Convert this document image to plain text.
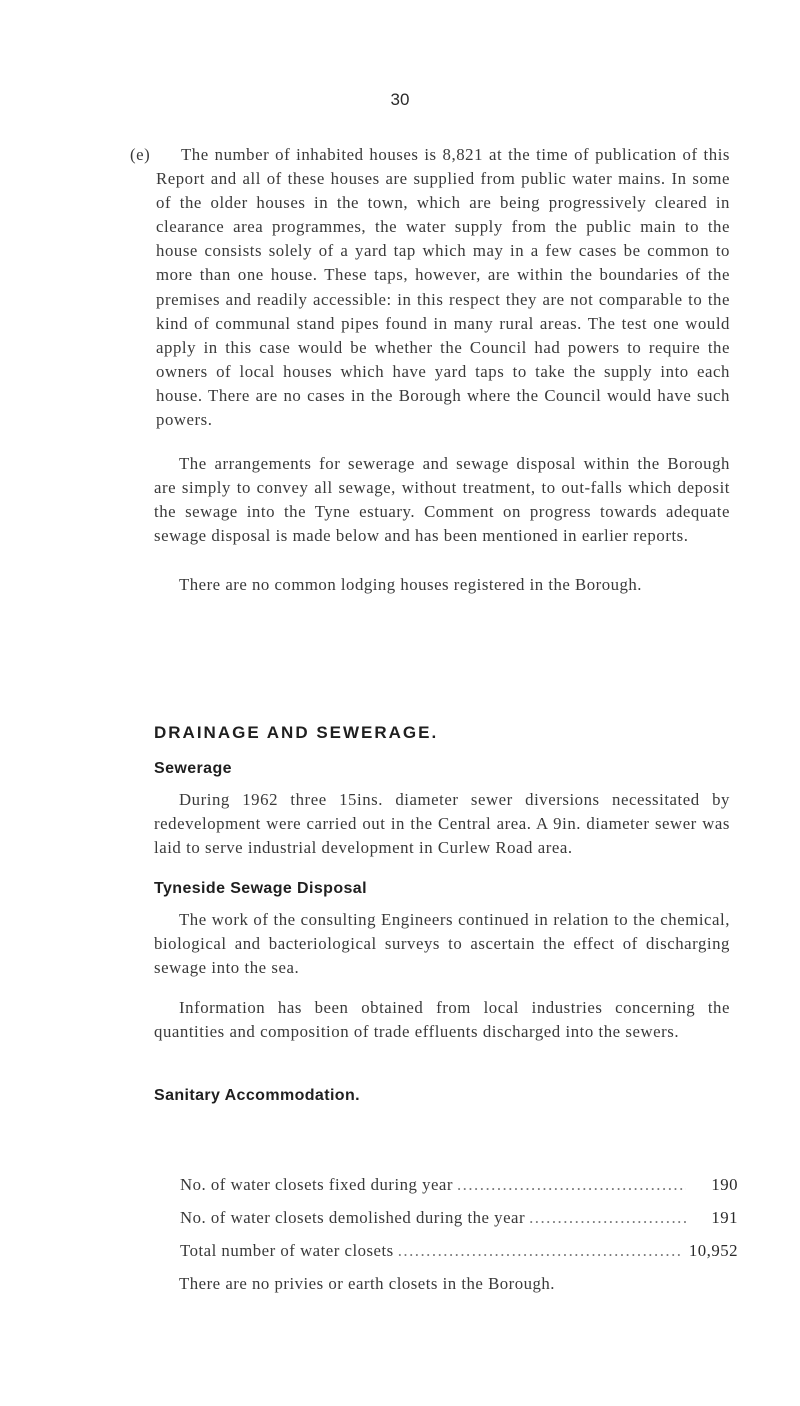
30

(e) The number of inhabited houses is 8,821 at the time of publication of this Report and all of these houses are supplied from public water mains. In some of the older houses in the town, which are being progressively cleared in clearance area programmes, the water supply from the public main to the house consists solely of a yard tap which may in a few cases be common to more than one house. These taps, however, are within the boundaries of the premises and readily accessible: in this respect they are not comparable to the kind of communal stand pipes found in many rural areas. The test one would apply in this case would be whether the Council had powers to require the owners of local houses which have yard taps to take the supply into each house. There are no cases in the Borough where the Council would have such powers.

The arrangements for sewerage and sewage disposal within the Borough are simply to convey all sewage, without treatment, to out-falls which deposit the sewage into the Tyne estuary. Comment on progress towards adequate sewage disposal is made below and has been mentioned in earlier reports.

There are no common lodging houses registered in the Borough.

DRAINAGE AND SEWERAGE.
Sewerage

During 1962 three 15ins. diameter sewer diversions necessitated by redevelopment were carried out in the Central area. A 9in. diameter sewer was laid to serve industrial development in Curlew Road area.

Tyneside Sewage Disposal

The work of the consulting Engineers continued in relation to the chemical, biological and bacteriological surveys to ascertain the effect of discharging sewage into the sea.

Information has been obtained from local industries concerning the quantities and composition of trade effluents discharged into the sewers.

Sanitary Accommodation.
No. of water closets fixed during year .....	190
No. of water closets demolished during the year .....	191
Total number of water closets .....	10,952

There are no privies or earth closets in the Borough.
